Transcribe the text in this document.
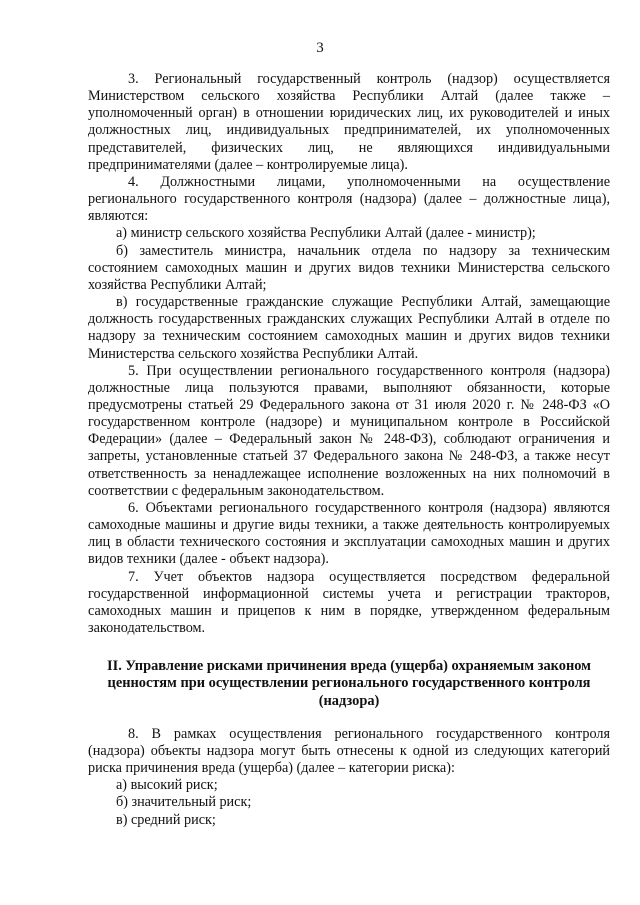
3

3. Региональный государственный контроль (надзор) осуществляется Министерством сельского хозяйства Республики Алтай (далее также – уполномоченный орган) в отношении юридических лиц, их руководителей и иных должностных лиц, индивидуальных предпринимателей, их уполномоченных представителей, физических лиц, не являющихся индивидуальными предпринимателями (далее – контролируемые лица).

4. Должностными лицами, уполномоченными на осуществление регионального государственного контроля (надзора) (далее – должностные лица), являются:

а) министр сельского хозяйства Республики Алтай (далее - министр);

б) заместитель министра, начальник отдела по надзору за техническим состоянием самоходных машин и других видов техники Министерства сельского хозяйства Республики Алтай;

в) государственные гражданские служащие Республики Алтай, замещающие должность государственных гражданских служащих Республики Алтай в отделе по надзору за техническим состоянием самоходных машин и других видов техники Министерства сельского хозяйства Республики Алтай.

5. При осуществлении регионального государственного контроля (надзора) должностные лица пользуются правами, выполняют обязанности, которые предусмотрены статьей 29 Федерального закона от 31 июля 2020 г. № 248-ФЗ «О государственном контроле (надзоре) и муниципальном контроле в Российской Федерации» (далее – Федеральный закон № 248-ФЗ), соблюдают ограничения и запреты, установленные статьей 37 Федерального закона № 248-ФЗ, а также несут ответственность за ненадлежащее исполнение возложенных на них полномочий в соответствии с федеральным законодательством.

6. Объектами регионального государственного контроля (надзора) являются самоходные машины и другие виды техники, а также деятельность контролируемых лиц в области технического состояния и эксплуатации самоходных машин и других видов техники (далее - объект надзора).

7. Учет объектов надзора осуществляется посредством федеральной государственной информационной системы учета и регистрации тракторов, самоходных машин и прицепов к ним в порядке, утвержденном федеральным законодательством.

II. Управление рисками причинения вреда (ущерба) охраняемым законом ценностям при осуществлении регионального государственного контроля (надзора)

8. В рамках осуществления регионального государственного контроля (надзора) объекты надзора могут быть отнесены к одной из следующих категорий риска причинения вреда (ущерба) (далее – категории риска):

а) высокий риск;

б) значительный риск;

в) средний риск;
